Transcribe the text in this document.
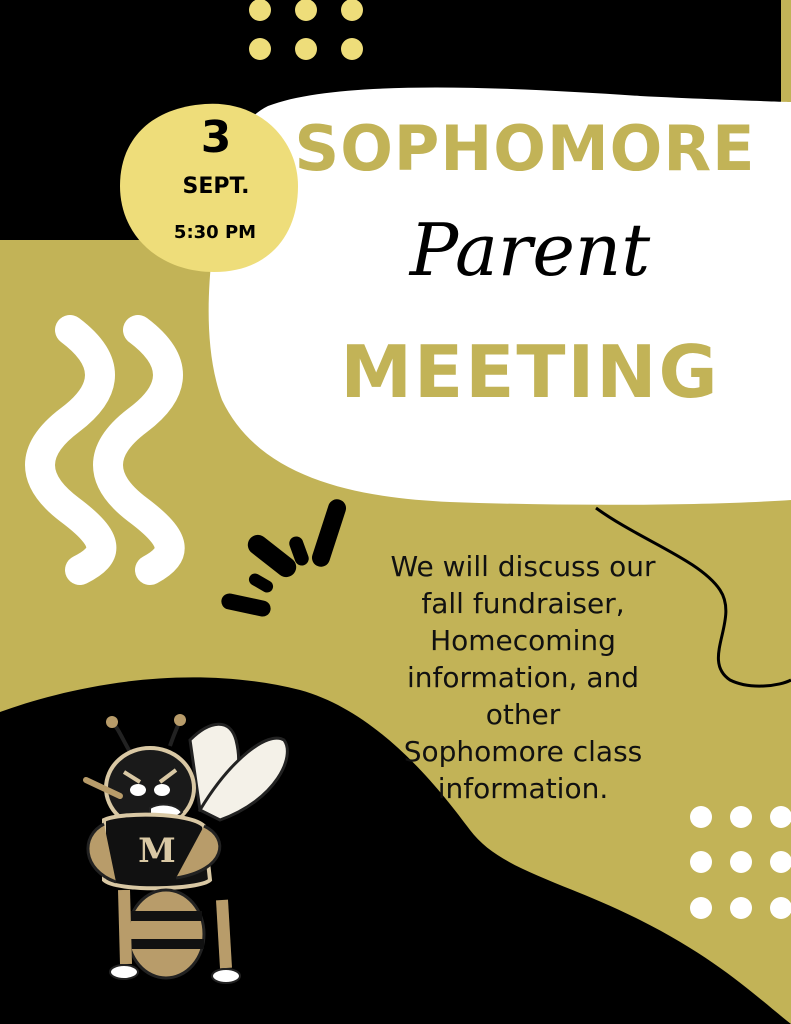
M
3
SEPT.
5:30 PM
SOPHOMORE
Parent
MEETING
We will discuss our
fall fundraiser,
Homecoming
information, and
other
Sophomore class
information.
